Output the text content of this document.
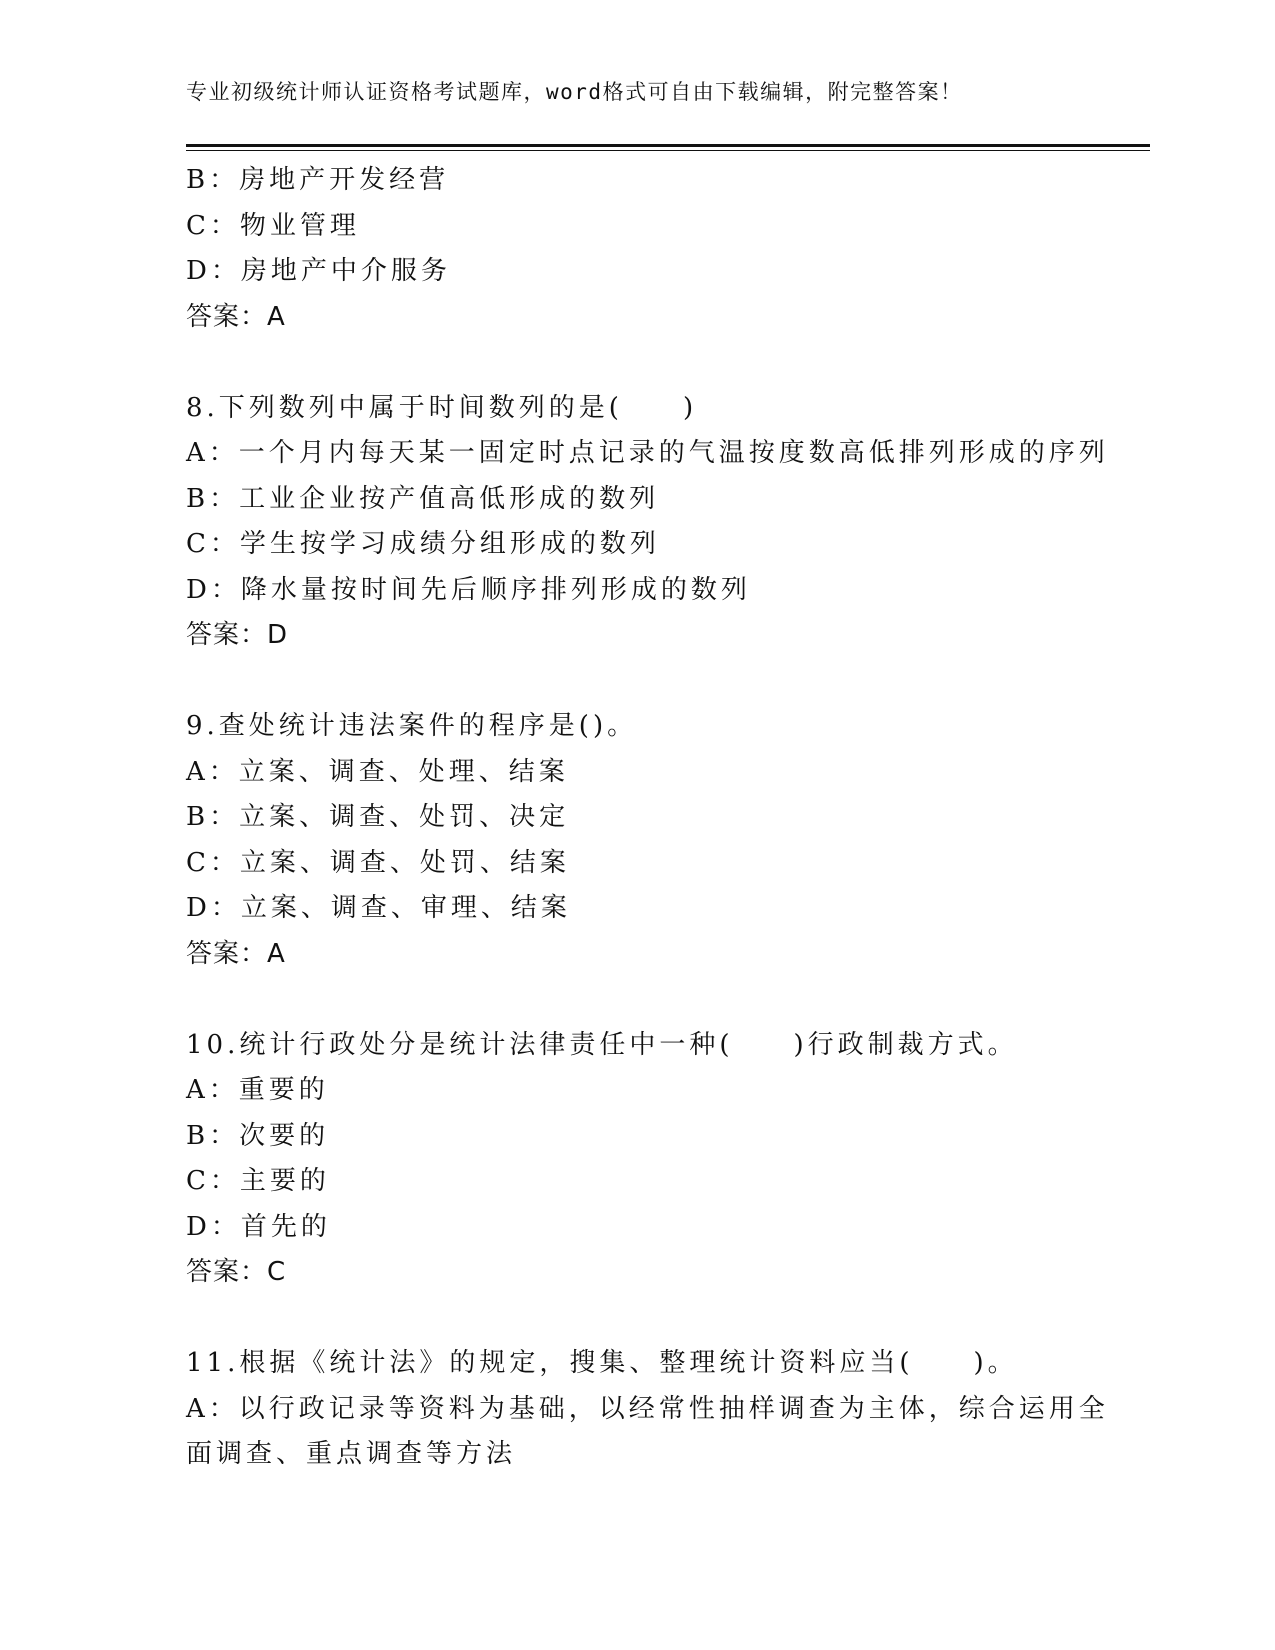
专业初级统计师认证资格考试题库，word格式可自由下载编辑，附完整答案！
B：房地产开发经营
C：物业管理
D：房地产中介服务
答案：A
8.下列数列中属于时间数列的是(　　)
A：一个月内每天某一固定时点记录的气温按度数高低排列形成的序列
B：工业企业按产值高低形成的数列
C：学生按学习成绩分组形成的数列
D：降水量按时间先后顺序排列形成的数列
答案：D
9.查处统计违法案件的程序是()。
A：立案、调查、处理、结案
B：立案、调查、处罚、决定
C：立案、调查、处罚、结案
D：立案、调查、审理、结案
答案：A
10.统计行政处分是统计法律责任中一种(　　)行政制裁方式。
A：重要的
B：次要的
C：主要的
D：首先的
答案：C
11.根据《统计法》的规定，搜集、整理统计资料应当(　　)。
A：以行政记录等资料为基础，以经常性抽样调查为主体，综合运用全
面调查、重点调查等方法
